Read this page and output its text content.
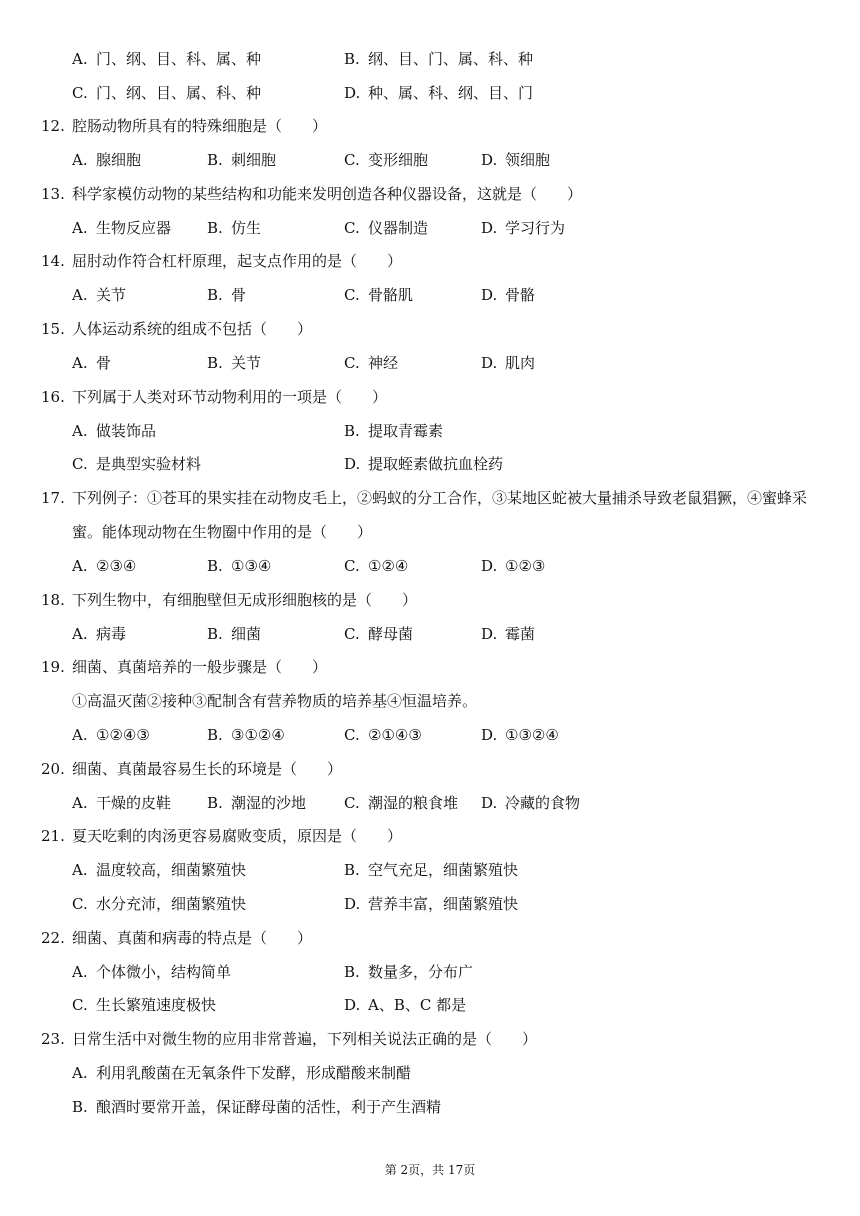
A. 门、纲、目、科、属、种	B. 纲、目、门、属、科、种
C. 门、纲、目、属、科、种	D. 种、属、科、纲、目、门
12. 腔肠动物所具有的特殊细胞是（　　）
A. 腺细胞	B. 刺细胞	C. 变形细胞	D. 领细胞
13. 科学家模仿动物的某些结构和功能来发明创造各种仪器设备，这就是（　　）
A. 生物反应器 B. 仿生	C. 仪器制造	D. 学习行为
14. 屈肘动作符合杠杆原理，起支点作用的是（　　）
A. 关节	B. 骨	C. 骨骼肌	D. 骨骼
15. 人体运动系统的组成不包括（　　）
A. 骨	B. 关节	C. 神经	D. 肌肉
16. 下列属于人类对环节动物利用的一项是（　　）
A. 做装饰品	B. 提取青霉素
C. 是典型实验材料	D. 提取蛭素做抗血栓药
17. 下列例子：①苍耳的果实挂在动物皮毛上，②蚂蚁的分工合作，③某地区蛇被大量捕杀导致老鼠猖獗，④蜜蜂采
蜜。能体现动物在生物圈中作用的是（　　）
A. ②③④	B. ①③④	C. ①②④	D. ①②③
18. 下列生物中，有细胞壁但无成形细胞核的是（　　）
A. 病毒	B. 细菌	C. 酵母菌	D. 霉菌
19. 细菌、真菌培养的一般步骤是（　　）
①高温灭菌②接种③配制含有营养物质的培养基④恒温培养。
A. ①②④③	B. ③①②④	C. ②①④③	D. ①③②④
20. 细菌、真菌最容易生长的环境是（　　）
A. 干燥的皮鞋 B. 潮湿的沙地	C. 潮湿的粮食堆 D. 冷藏的食物
21. 夏天吃剩的肉汤更容易腐败变质，原因是（　　）
A. 温度较高，细菌繁殖快	B. 空气充足，细菌繁殖快
C. 水分充沛，细菌繁殖快	D. 营养丰富，细菌繁殖快
22. 细菌、真菌和病毒的特点是（　　）
A. 个体微小，结构简单	B. 数量多，分布广
C. 生长繁殖速度极快	D. A、B、C 都是
23. 日常生活中对微生物的应用非常普遍，下列相关说法正确的是（　　）
A. 利用乳酸菌在无氧条件下发酵，形成醋酸来制醋
B. 酿酒时要常开盖，保证酵母菌的活性，利于产生酒精
第 2页，共 17页
